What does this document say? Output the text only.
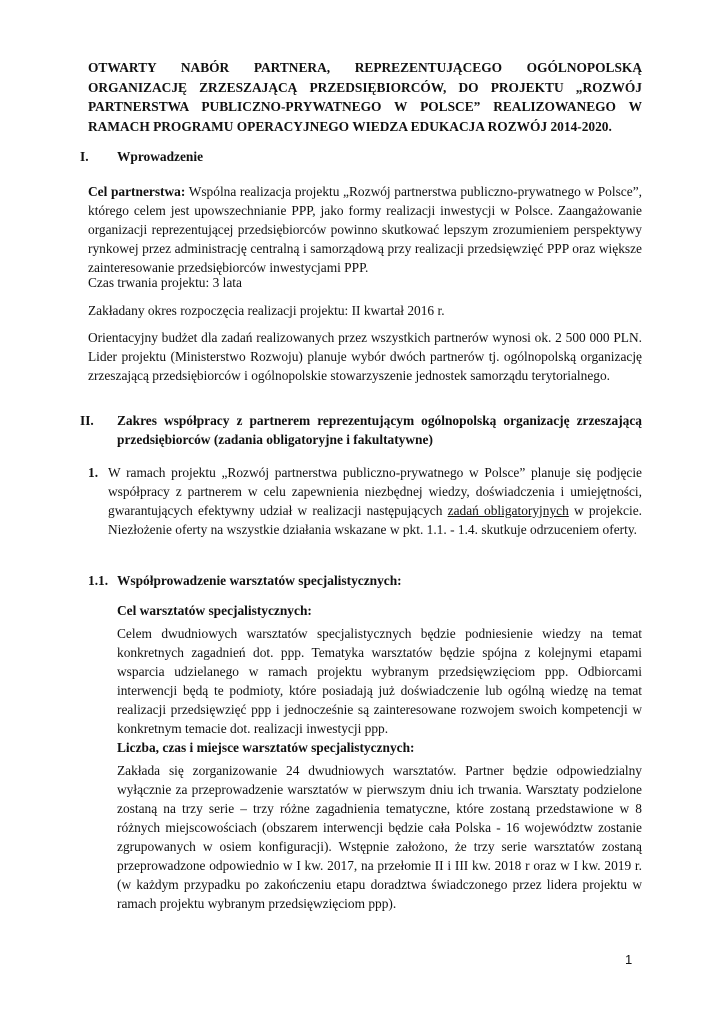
OTWARTY NABÓR PARTNERA, REPREZENTUJĄCEGO OGÓLNOPOLSKĄ ORGANIZACJĘ ZRZESZAJĄCĄ PRZEDSIĘBIORCÓW, DO PROJEKTU „ROZWÓJ PARTNERSTWA PUBLICZNO-PRYWATNEGO W POLSCE” REALIZOWANEGO W RAMACH PROGRAMU OPERACYJNEGO WIEDZA EDUKACJA ROZWÓJ 2014-2020.
I. Wprowadzenie
Cel partnerstwa: Wspólna realizacja projektu „Rozwój partnerstwa publiczno-prywatnego w Polsce”, którego celem jest upowszechnianie PPP, jako formy realizacji inwestycji w Polsce. Zaangażowanie organizacji reprezentującej przedsiębiorców powinno skutkować lepszym zrozumieniem perspektywy rynkowej przez administrację centralną i samorządową przy realizacji przedsięwzięć PPP oraz większe zainteresowanie przedsiębiorców inwestycjami PPP.
Czas trwania projektu: 3 lata
Zakładany okres rozpoczęcia realizacji projektu: II kwartał 2016 r.
Orientacyjny budżet dla zadań realizowanych przez wszystkich partnerów wynosi ok. 2 500 000 PLN. Lider projektu (Ministerstwo Rozwoju) planuje wybór dwóch partnerów tj. ogólnopolską organizację zrzeszającą przedsiębiorców i ogólnopolskie stowarzyszenie jednostek samorządu terytorialnego.
II. Zakres współpracy z partnerem reprezentującym ogólnopolską organizację zrzeszającą przedsiębiorców (zadania obligatoryjne i fakultatywne)
1. W ramach projektu „Rozwój partnerstwa publiczno-prywatnego w Polsce” planuje się podjęcie współpracy z partnerem w celu zapewnienia niezbędnej wiedzy, doświadczenia i umiejętności, gwarantujących efektywny udział w realizacji następujących zadań obligatoryjnych w projekcie. Niezłożenie oferty na wszystkie działania wskazane w pkt. 1.1. - 1.4. skutkuje odrzuceniem oferty.
1.1. Współprowadzenie warsztatów specjalistycznych:
Cel warsztatów specjalistycznych:
Celem dwudniowych warsztatów specjalistycznych będzie podniesienie wiedzy na temat konkretnych zagadnień dot. ppp. Tematyka warsztatów będzie spójna z kolejnymi etapami wsparcia udzielanego w ramach projektu wybranym przedsięwzięciom ppp. Odbiorcami interwencji będą te podmioty, które posiadają już doświadczenie lub ogólną wiedzę na temat realizacji przedsięwzięć ppp i jednocześnie są zainteresowane rozwojem swoich kompetencji w konkretnym temacie dot. realizacji inwestycji ppp.
Liczba, czas i miejsce warsztatów specjalistycznych:
Zakłada się zorganizowanie 24 dwudniowych warsztatów. Partner będzie odpowiedzialny wyłącznie za przeprowadzenie warsztatów w pierwszym dniu ich trwania. Warsztaty podzielone zostaną na trzy serie – trzy różne zagadnienia tematyczne, które zostaną przedstawione w 8 różnych miejscowościach (obszarem interwencji będzie cała Polska - 16 województw zostanie zgrupowanych w osiem konfiguracji). Wstępnie założono, że trzy serie warsztatów zostaną przeprowadzone odpowiednio w I kw. 2017, na przełomie II i III kw. 2018 r oraz w I kw. 2019 r. (w każdym przypadku po zakończeniu etapu doradztwa świadczonego przez lidera projektu w ramach projektu wybranym przedsięwzięciom ppp).
1
